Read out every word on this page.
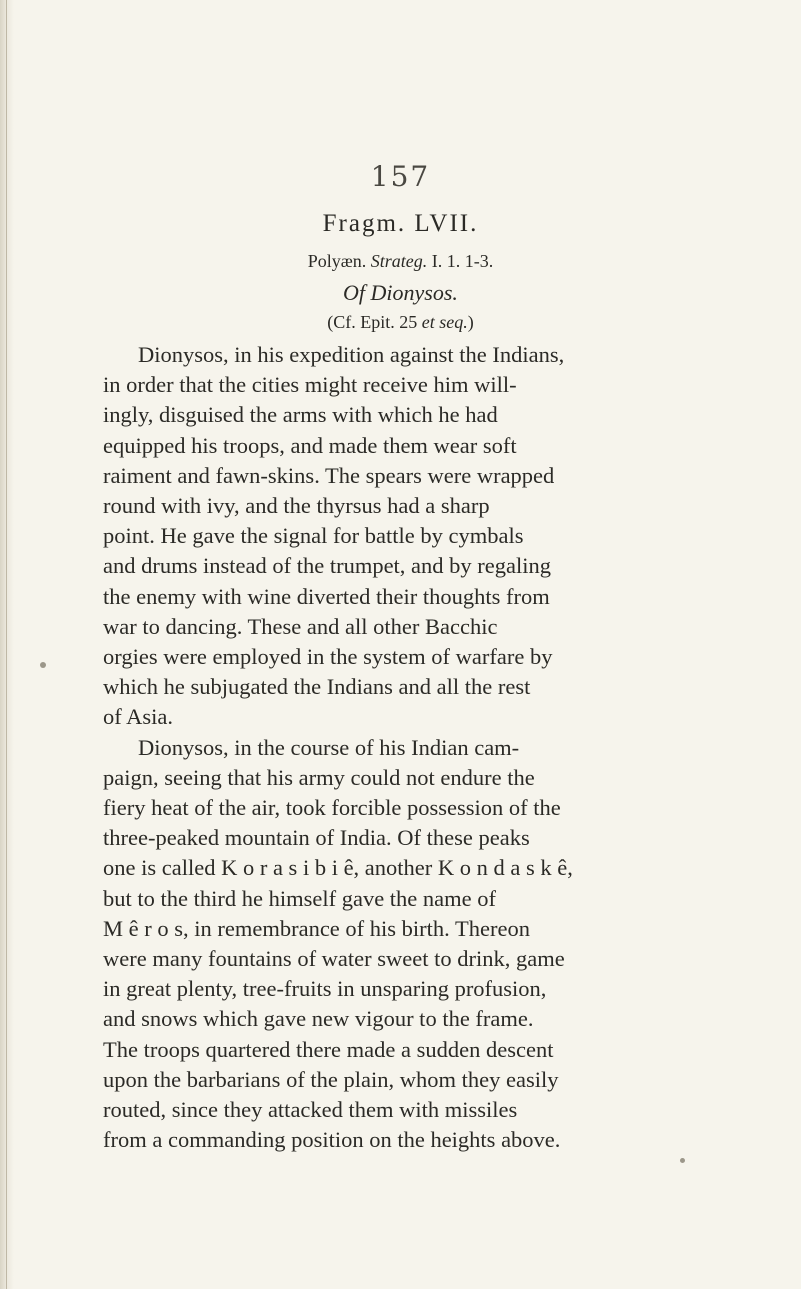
157
Fragm. LVII.
Polyæn. Strateg. I. 1. 1-3.
Of Dionysos.
(Cf. Epit. 25 et seq.)
Dionysos, in his expedition against the Indians,
in order that the cities might receive him will-
ingly, disguised the arms with which he had
equipped his troops, and made them wear soft
raiment and fawn-skins. The spears were wrapped
round with ivy, and the thyrsus had a sharp
point. He gave the signal for battle by cymbals
and drums instead of the trumpet, and by regaling
the enemy with wine diverted their thoughts from
war to dancing. These and all other Bacchic
orgies were employed in the system of warfare by
which he subjugated the Indians and all the rest
of Asia.
Dionysos, in the course of his Indian cam-
paign, seeing that his army could not endure the
fiery heat of the air, took forcible possession of the
three-peaked mountain of India. Of these peaks
one is called K o r a s i b i ê, another K o n d a s k ê,
but to the third he himself gave the name of
M ê r o s, in remembrance of his birth. Thereon
were many fountains of water sweet to drink, game
in great plenty, tree-fruits in unsparing profusion,
and snows which gave new vigour to the frame.
The troops quartered there made a sudden descent
upon the barbarians of the plain, whom they easily
routed, since they attacked them with missiles
from a commanding position on the heights above.
